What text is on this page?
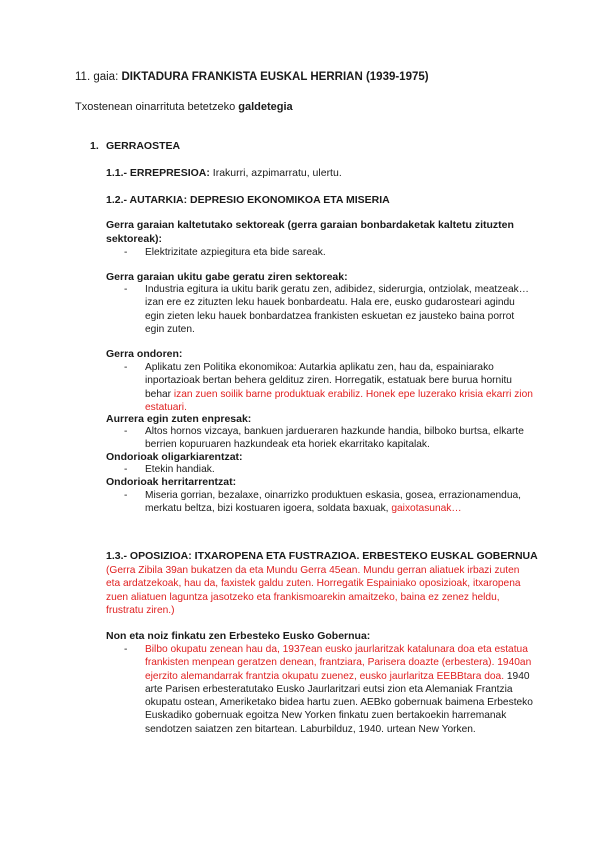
11. gaia: DIKTADURA FRANKISTA EUSKAL HERRIAN (1939-1975)
Txostenean oinarrituta betetzeko galdetegia
1. GERRAOSTEA
1.1.- ERREPRESIOA: Irakurri, azpimarratu, ulertu.
1.2.- AUTARKIA: DEPRESIO EKONOMIKOA ETA MISERIA
Gerra garaian kaltetutako sektoreak (gerra garaian bonbardaketak kaltetu zituzten sektoreak):
- Elektrizitate azpiegitura eta bide sareak.
Gerra garaian ukitu gabe geratu ziren sektoreak:
- Industria egitura ia ukitu barik geratu zen, adibidez, siderurgia, ontziolak, meatzeak… izan ere ez zituzten leku hauek bonbardeatu. Hala ere, eusko gudarosteari agindu egin zieten leku hauek bonbardatzea frankisten eskuetan ez jausteko baina porrot egin zuten.
Gerra ondoren:
- Aplikatu zen Politika ekonomikoa: Autarkia aplikatu zen, hau da, espainiarako inportazioak bertan behera geldituz ziren. Horregatik, estatuak bere burua hornitu behar izan zuen soilik barne produktuak erabiliz. Honek epe luzerako krisia ekarri zion estatuari.
Aurrera egin zuten enpresak:
- Altos hornos vizcaya, bankuen jardueraren hazkunde handia, bilboko burtsa, elkarte berrien kopuruaren hazkundeak eta horiek ekarritako kapitalak.
Ondorioak oligarkiarentzat:
- Etekin handiak.
Ondorioak herritarrentzat:
- Miseria gorrian, bezalaxe, oinarrizko produktuen eskasia, gosea, errazionamendua, merkatu beltza, bizi kostuaren igoera, soldata baxuak, gaixotasunak…
1.3.- OPOSIZIOA: ITXAROPENA ETA FUSTRAZIOA. ERBESTEKO EUSKAL GOBERNUA
(Gerra Zibila 39an bukatzen da eta Mundu Gerra 45ean. Mundu gerran aliatuek irbazi zuten eta ardatzekoak, hau da, faxistek galdu zuten. Horregatik Espainiako oposizioak, itxaropena zuen aliatuen laguntza jasotzeko eta frankismoarekin amaitzeko, baina ez zenez heldu, frustratu ziren.)
Non eta noiz finkatu zen Erbesteko Eusko Gobernua:
- Bilbo okupatu zenean hau da, 1937ean eusko jaurlaritzak katalunara doa eta estatua frankisten menpean geratzen denean, frantziara, Parisera doazte (erbestera). 1940an ejerzito alemandarrak frantzia okupatu zuenez, eusko jaurlaritza EEBBtara doa. 1940 arte Parisen erbesteratutako Eusko Jaurlaritzari eutsi zion eta Alemaniak Frantzia okupatu ostean, Ameriketako bidea hartu zuen. AEBko gobernuak baimena Erbesteko Euskadiko gobernuak egoitza New Yorken finkatu zuen bertakoekin harremanak sendotzen saiatzen zen bitartean. Laburbilduz, 1940. urtean New Yorken.
